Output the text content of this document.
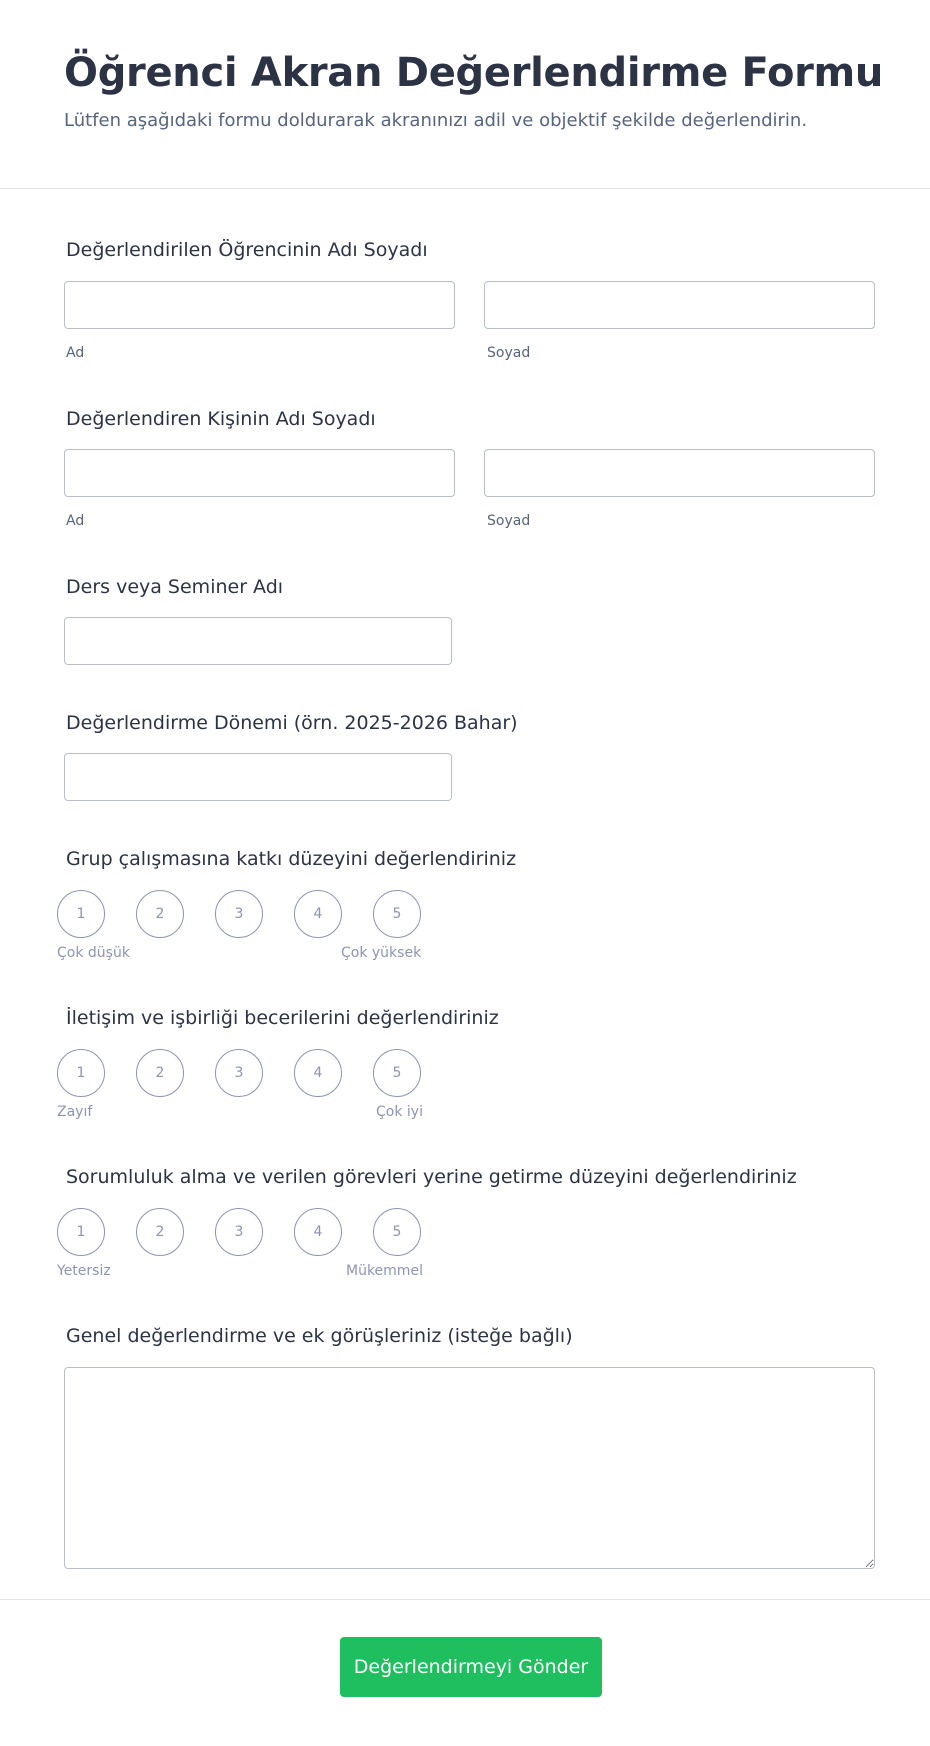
Öğrenci Akran Değerlendirme Formu

Lütfen aşağıdaki formu doldurarak akranınızı adil ve objektif şekilde değerlendirin.

Değerlendirilen Öğrencinin Adı Soyadı
Ad	Soyad
Değerlendiren Kişinin Adı Soyadı
Ad	Soyad
Ders veya Seminer Adı
Değerlendirme Dönemi (örn. 2025-2026 Bahar)
Grup çalışmasına katkı düzeyini değerlendiriniz
1	2	3	4	5
Çok düşük	Çok yüksek
İletişim ve işbirliği becerilerini değerlendiriniz
1	2	3	4	5
Zayıf	Çok iyi
Sorumluluk alma ve verilen görevleri yerine getirme düzeyini değerlendiriniz
1	2	3	4	5
Yetersiz	Mükemmel
Genel değerlendirme ve ek görüşleriniz (isteğe bağlı)
Değerlendirmeyi Gönder
